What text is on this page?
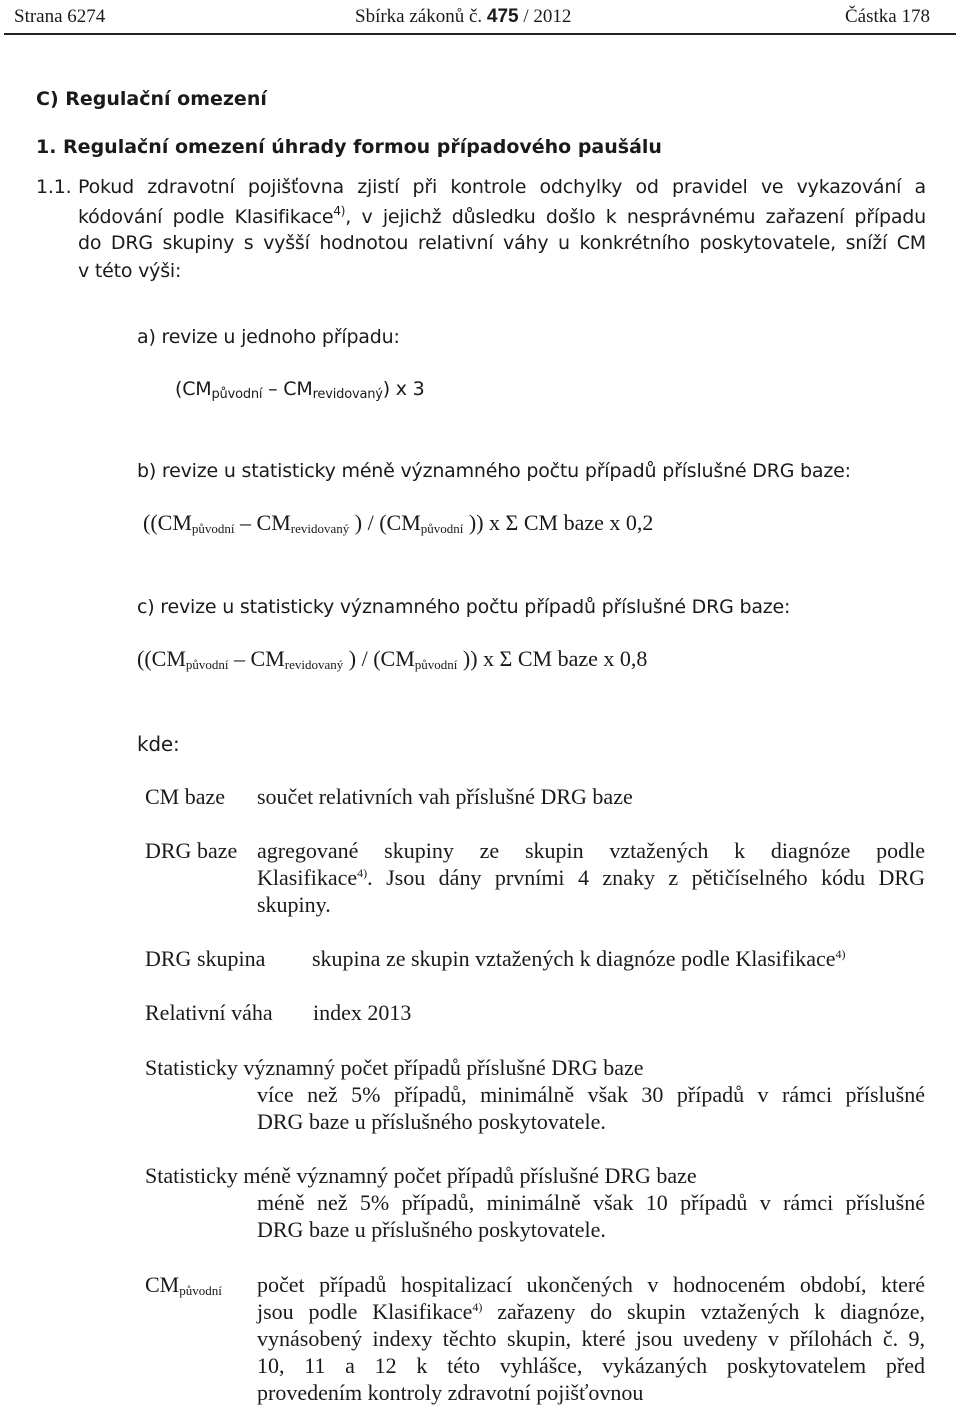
Strana 6274	Sbírka zákonů č. 475 / 2012	Částka 178
C) Regulační omezení
1. Regulační omezení úhrady formou případového paušálu
1.1. Pokud zdravotní pojišťovna zjistí při kontrole odchylky od pravidel ve vykazování a
kódování podle Klasifikace$^{4)}$, v jejichž důsledku došlo k nesprávnému zařazení případu
do DRG skupiny s vyšší hodnotou relativní váhy u konkrétního poskytovatele, sníží CM
v této výši:
a) revize u jednoho případu:
$(CM_{původní} - CM_{revidovaný})$ x 3
b) revize u statisticky méně významného počtu případů příslušné DRG baze:
(($CM_{původní} - CM_{revidovaný}$ ) / ($CM_{původní}$ )) x Σ CM baze x 0,2
c) revize u statisticky významného počtu případů příslušné DRG baze:
(($CM_{původní} - CM_{revidovaný}$ ) / ($CM_{původní}$ )) x Σ CM baze x 0,8
kde:
CM baze součet relativních vah příslušné DRG baze
DRG baze agregované skupiny ze skupin vztažených k diagnóze podle
Klasifikace$^{4)}$. Jsou dány prvními 4 znaky z pětičíselného kódu DRG
skupiny.
DRG skupina skupina ze skupin vztažených k diagnóze podle Klasifikace$^{4)}$
Relativní váha index 2013
Statisticky významný počet případů příslušné DRG baze
více než 5% případů, minimálně však 30 případů v rámci příslušné
DRG baze u příslušného poskytovatele.
Statisticky méně významný počet případů příslušné DRG baze
méně než 5% případů, minimálně však 10 případů v rámci příslušné
DRG baze u příslušného poskytovatele.
$CM_{původní}$ počet případů hospitalizací ukončených v hodnoceném období, které
jsou podle Klasifikace$^{4)}$ zařazeny do skupin vztažených k diagnóze,
vynásobený indexy těchto skupin, které jsou uvedeny v přílohách č. 9,
10, 11 a 12 k této vyhlášce, vykázaných poskytovatelem před
provedením kontroly zdravotní pojišťovnou
